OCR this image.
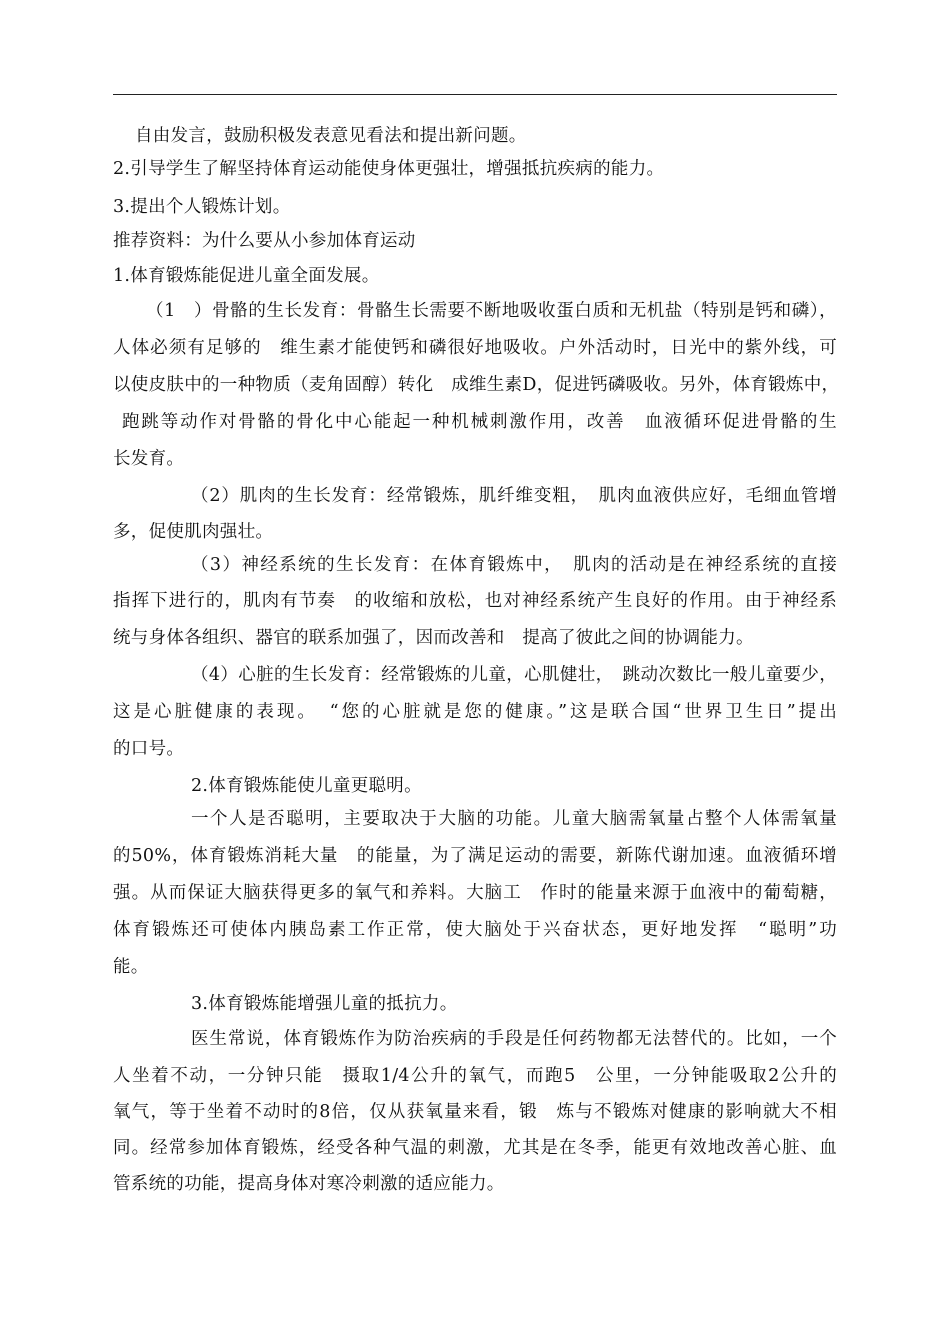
自由发言，鼓励积极发表意见看法和提出新问题。
2.引导学生了解坚持体育运动能使身体更强壮，增强抵抗疾病的能力。
3.提出个人锻炼计划。
推荐资料：为什么要从小参加体育运动
1.体育锻炼能促进儿童全面发展。
（1　）骨骼的生长发育：骨骼生长需要不断地吸收蛋白质和无机盐（特别是钙和磷），
人体必须有足够的　维生素才能使钙和磷很好地吸收。户外活动时，日光中的紫外线，可
以使皮肤中的一种物质（麦角固醇）转化　成维生素D，促进钙磷吸收。另外，体育锻炼中，
跑跳等动作对骨骼的骨化中心能起一种机械刺激作用，改善　血液循环促进骨骼的生
长发育。
（2）肌肉的生长发育：经常锻炼，肌纤维变粗，　肌肉血液供应好，毛细血管增
多，促使肌肉强壮。
（3）神经系统的生长发育：在体育锻炼中，　肌肉的活动是在神经系统的直接
指挥下进行的，肌肉有节奏　的收缩和放松，也对神经系统产生良好的作用。由于神经系
统与身体各组织、器官的联系加强了，因而改善和　提高了彼此之间的协调能力。
（4）心脏的生长发育：经常锻炼的儿童，心肌健壮，　跳动次数比一般儿童要少，
这是心脏健康的表现。　“您的心脏就是您的健康。”这是联合国“世界卫生日”提出
的口号。
2.体育锻炼能使儿童更聪明。
一个人是否聪明，主要取决于大脑的功能。儿童大脑需氧量占整个人体需氧量
的50%，体育锻炼消耗大量　的能量，为了满足运动的需要，新陈代谢加速。血液循环增
强。从而保证大脑获得更多的氧气和养料。大脑工　作时的能量来源于血液中的葡萄糖，
体育锻炼还可使体内胰岛素工作正常，使大脑处于兴奋状态，更好地发挥　“聪明”功
能。
3.体育锻炼能增强儿童的抵抗力。
医生常说，体育锻炼作为防治疾病的手段是任何药物都无法替代的。比如，一个
人坐着不动，一分钟只能　摄取1/4公升的氧气，而跑5　公里，一分钟能吸取2公升的
氧气，等于坐着不动时的8倍，仅从获氧量来看，锻　炼与不锻炼对健康的影响就大不相
同。经常参加体育锻炼，经受各种气温的刺激，尤其是在冬季，能更有效地改善心脏、血
管系统的功能，提高身体对寒冷刺激的适应能力。
